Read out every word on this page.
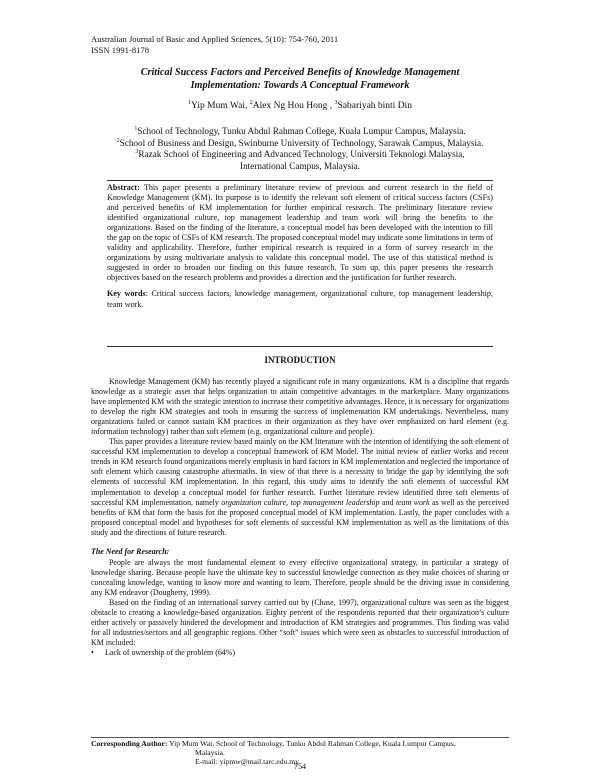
Australian Journal of Basic and Applied Sciences, 5(10): 754-760, 2011
ISSN 1991-8178
Critical Success Factors and Perceived Benefits of Knowledge Management
Implementation: Towards A Conceptual Framework
$^1$Yip Mum Wai, $^2$Alex Ng Hou Hong , $^3$Sabariyah binti Din
$^1$School of Technology, Tunku Abdul Rahman College, Kuala Lumpur Campus, Malaysia.
$^2$School of Business and Design, Swinburne University of Technology, Sarawak Campus, Malaysia.
$^3$Razak School of Engineering and Advanced Technology, Universiti Teknologi Malaysia,
International Campus, Malaysia.
Abstract: This paper presents a preliminary literature review of previous and current research in the field of Knowledge Management (KM). Its purpose is to identify the relevant soft element of critical success factors (CSFs) and perceived benefits of KM implementation for further empirical research. The preliminary literature review identified organizational culture, top management leadership and team work will bring the benefits to the organizations. Based on the finding of the literature, a conceptual model has been developed with the intention to fill the gap on the topic of CSFs of KM research. The proposed conceptual model may indicate some limitations in term of validity and applicability. Therefore, further empirical research is required in a form of survey research in the organizations by using multivariate analysis to validate this conceptual model. The use of this statistical method is suggested in order to broaden our finding on this future research. To sum up, this paper presents the research objectives based on the research problems and provides a direction and the justification for further research.
Key words: Critical success factors, knowledge management, organizational culture, top management leadership, team work.
INTRODUCTION

Knowledge Management (KM) has recently played a significant role in many organizations. KM is a discipline that regards knowledge as a strategic asset that helps organization to attain competitive advantages in the marketplace. Many organizations have implemented KM with the strategic intention to increase their competitive advantages. Hence, it is necessary for organizations to develop the right KM strategies and tools in ensuring the success of implementation KM undertakings. Nevertheless, many organizations failed or cannot sustain KM practices in their organization as they have over emphasized on hard element (e.g. information technology) rather than soft element (e.g. organizational culture and people).

This paper provides a literature review based mainly on the KM literature with the intention of identifying the soft element of successful KM implementation to develop a conceptual framework of KM Model. The initial review of earlier works and recent trends in KM research found organizations merely emphasis in hard factors in KM implementation and neglected the importance of soft element which causing catastrophe aftermaths. In view of that there is a necessity to bridge the gap by identifying the soft elements of successful KM implementation. In this regard, this study aims to identify the soft elements of successful KM implementation to develop a conceptual model for further research. Further literature review identified three soft elements of successful KM implementation, namely organization culture, top management leadership and team work as well as the perceived benefits of KM that form the basis for the proposed conceptual model of KM implementation. Lastly, the paper concludes with a proposed conceptual model and hypotheses for soft elements of successful KM implementation as well as the limitations of this study and the directions of future research.

The Need for Research:

People are always the most fundamental element to every effective organizational strategy, in particular a strategy of knowledge sharing. Because people have the ultimate key to successful knowledge connection as they make choices of sharing or concealing knowledge, wanting to know more and wanting to learn. Therefore, people should be the driving issue in considering any KM endeavor (Dougherty, 1999).

Based on the finding of an international survey carried out by (Chase, 1997), organizational culture was seen as the biggest obstacle to creating a knowledge-based organization. Eighty percent of the respondents reported that their organization’s culture either actively or passively hindered the development and introduction of KM strategies and programmes. This finding was valid for all industries/sectors and all geographic regions. Other “soft” issues which were seen as obstacles to successful introduction of KM included:

• Lack of ownership of the problem (64%)
Corresponding Author: Yip Mum Wai, School of Technology, Tunku Abdul Rahman College, Kuala Lumpur Campus,
Malaysia.
E-mail: yipmw@mail.tarc.edu.my
754
